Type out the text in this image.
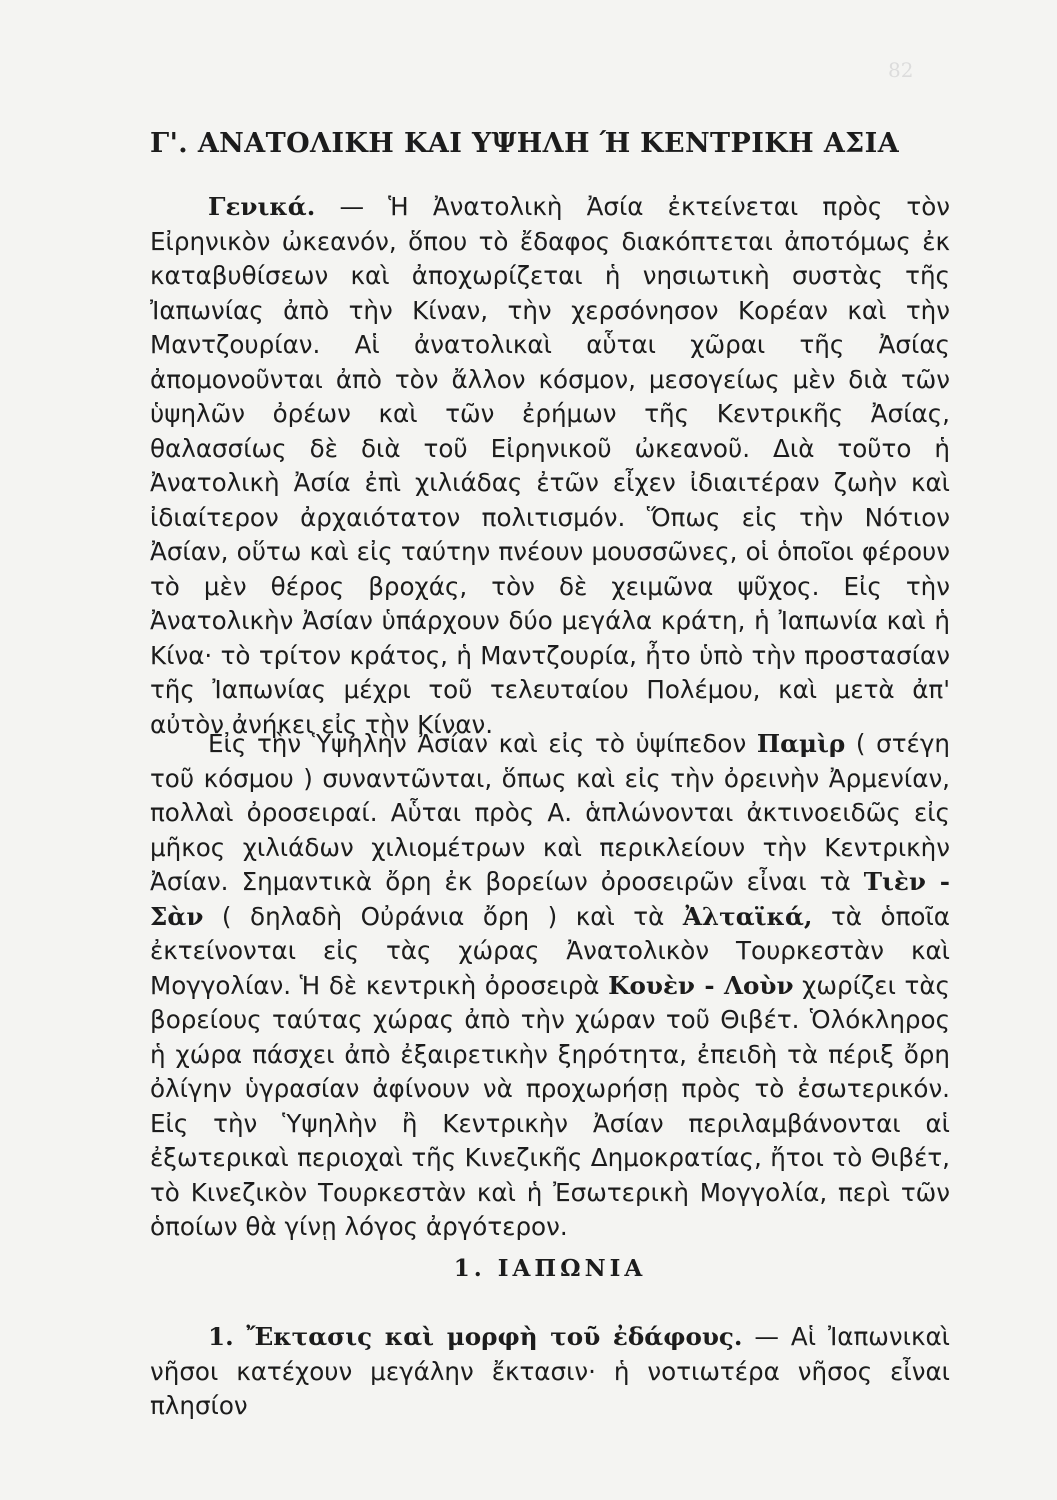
82
Γ'. ΑΝΑΤΟΛΙΚΗ ΚΑΙ ΥΨΗΛΗ Ή ΚΕΝΤΡΙΚΗ ΑΣΙΑ

Γενικά. — Ἡ Ἀνατολικὴ Ἀσία ἐκτείνεται πρὸς τὸν Εἰρηνικὸν ὠκεανόν, ὅπου τὸ ἔδαφος διακόπτεται ἀποτόμως ἐκ καταβυθίσεων καὶ ἀποχωρίζεται ἡ νησιωτικὴ συστὰς τῆς Ἰαπωνίας ἀπὸ τὴν Κίναν, τὴν χερσόνησον Κορέαν καὶ τὴν Μαντζουρίαν. Αἱ ἀνατολικαὶ αὗται χῶραι τῆς Ἀσίας ἀπομονοῦνται ἀπὸ τὸν ἄλλον κόσμον, μεσογείως μὲν διὰ τῶν ὑψηλῶν ὀρέων καὶ τῶν ἐρήμων τῆς Κεντρικῆς Ἀσίας, θαλασσίως δὲ διὰ τοῦ Εἰρηνικοῦ ὠκεανοῦ. Διὰ τοῦτο ἡ Ἀνατολικὴ Ἀσία ἐπὶ χιλιάδας ἐτῶν εἶχεν ἰδιαιτέραν ζωὴν καὶ ἰδιαίτερον ἀρχαιότατον πολιτισμόν. Ὅπως εἰς τὴν Νότιον Ἀσίαν, οὕτω καὶ εἰς ταύτην πνέουν μουσσῶνες, οἱ ὁποῖοι φέρουν τὸ μὲν θέρος βροχάς, τὸν δὲ χειμῶνα ψῦχος. Εἰς τὴν Ἀνατολικὴν Ἀσίαν ὑπάρχουν δύο μεγάλα κράτη, ἡ Ἰαπωνία καὶ ἡ Κίνα· τὸ τρίτον κράτος, ἡ Μαντζουρία, ἦτο ὑπὸ τὴν προστασίαν τῆς Ἰαπωνίας μέχρι τοῦ τελευταίου Πολέμου, καὶ μετὰ ἀπ' αὐτὸν ἀνήκει εἰς τὴν Κίναν.

Εἰς τὴν Ὑψηλὴν Ἀσίαν καὶ εἰς τὸ ὑψίπεδον Παμὶρ ( στέγη τοῦ κόσμου ) συναντῶνται, ὅπως καὶ εἰς τὴν ὀρεινὴν Ἀρμενίαν, πολλαὶ ὀροσειραί. Αὗται πρὸς Α. ἁπλώνονται ἀκτινοειδῶς εἰς μῆκος χιλιάδων χιλιομέτρων καὶ περικλείουν τὴν Κεντρικὴν Ἀσίαν. Σημαντικὰ ὄρη ἐκ βορείων ὀροσειρῶν εἶναι τὰ Τιὲν - Σὰν ( δηλαδὴ Οὐράνια ὄρη ) καὶ τὰ Ἀλταϊκά, τὰ ὁποῖα ἐκτείνονται εἰς τὰς χώρας Ἀνατολικὸν Τουρκεστὰν καὶ Μογγολίαν. Ἡ δὲ κεντρικὴ ὀροσειρὰ Κουὲν - Λοὺν χωρίζει τὰς βορείους ταύτας χώρας ἀπὸ τὴν χώραν τοῦ Θιβέτ. Ὁλόκληρος ἡ χώρα πάσχει ἀπὸ ἐξαιρετικὴν ξηρότητα, ἐπειδὴ τὰ πέριξ ὄρη ὀλίγην ὑγρασίαν ἀφίνουν νὰ προχωρήσῃ πρὸς τὸ ἐσωτερικόν. Εἰς τὴν Ὑψηλὴν ἢ Κεντρικὴν Ἀσίαν περιλαμβάνονται αἱ ἐξωτερικαὶ περιοχαὶ τῆς Κινεζικῆς Δημοκρατίας, ἤτοι τὸ Θιβέτ, τὸ Κινεζικὸν Τουρκεστὰν καὶ ἡ Ἐσωτερικὴ Μογγολία, περὶ τῶν ὁποίων θὰ γίνῃ λόγος ἀργότερον.

1. ΙΑΠΩΝΙΑ

1. Ἔκτασις καὶ μορφὴ τοῦ ἐδάφους. — Αἱ Ἰαπωνικαὶ νῆσοι κατέχουν μεγάλην ἔκτασιν· ἡ νοτιωτέρα νῆσος εἶναι πλησίον
